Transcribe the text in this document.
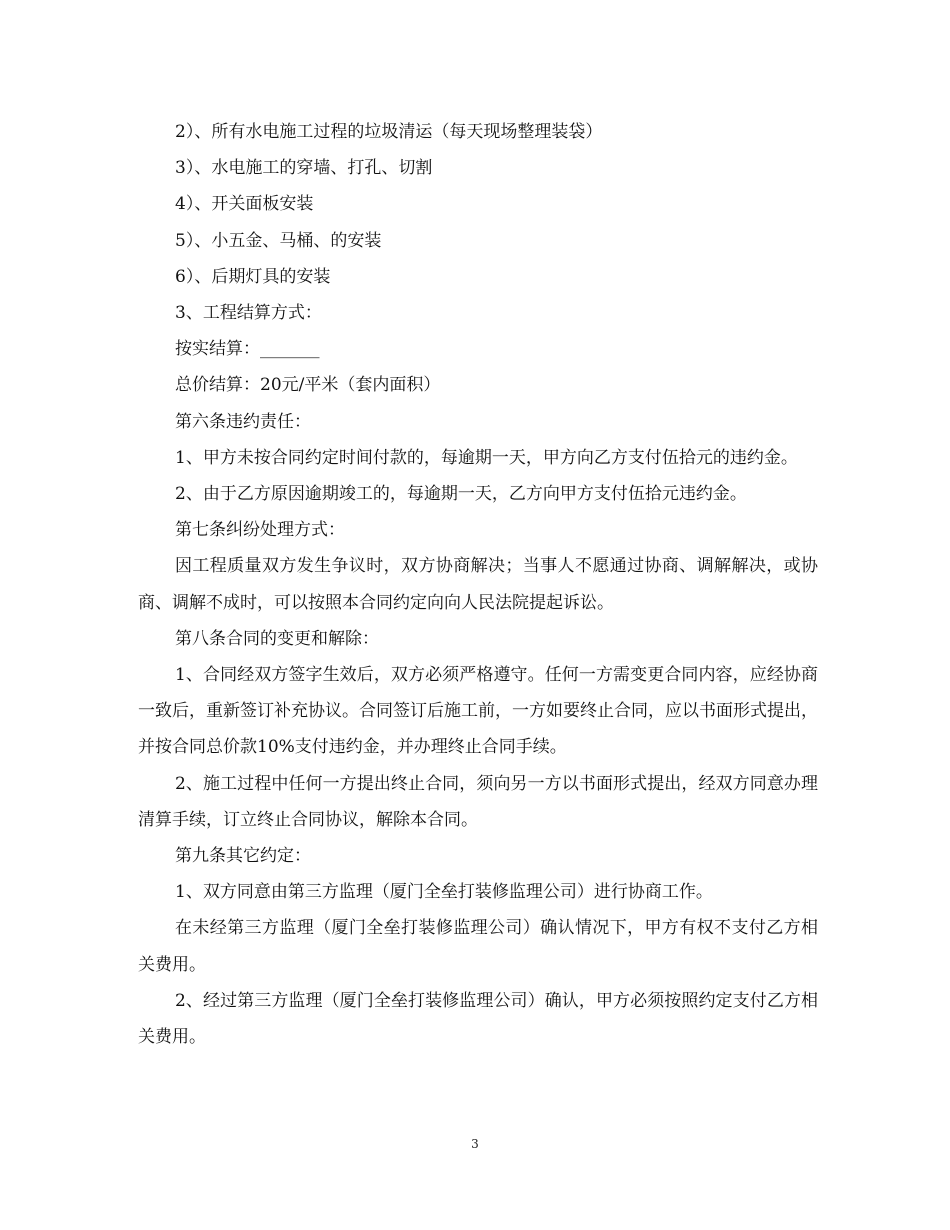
2）、所有水电施工过程的垃圾清运（每天现场整理装袋）

3）、水电施工的穿墙、打孔、切割

4）、开关面板安装

5）、小五金、马桶、的安装

6）、后期灯具的安装

3、工程结算方式：

按实结算：_______

总价结算：20元/平米（套内面积）

第六条违约责任：

1、甲方未按合同约定时间付款的，每逾期一天，甲方向乙方支付伍拾元的违约金。

2、由于乙方原因逾期竣工的，每逾期一天，乙方向甲方支付伍拾元违约金。

第七条纠纷处理方式：

因工程质量双方发生争议时，双方协商解决；当事人不愿通过协商、调解解决，或协商、调解不成时，可以按照本合同约定向向人民法院提起诉讼。

第八条合同的变更和解除：

1、合同经双方签字生效后，双方必须严格遵守。任何一方需变更合同内容，应经协商一致后，重新签订补充协议。合同签订后施工前，一方如要终止合同，应以书面形式提出，并按合同总价款10%支付违约金，并办理终止合同手续。

2、施工过程中任何一方提出终止合同，须向另一方以书面形式提出，经双方同意办理清算手续，订立终止合同协议，解除本合同。

第九条其它约定：

1、双方同意由第三方监理（厦门全垒打装修监理公司）进行协商工作。

在未经第三方监理（厦门全垒打装修监理公司）确认情况下，甲方有权不支付乙方相关费用。

2、经过第三方监理（厦门全垒打装修监理公司）确认，甲方必须按照约定支付乙方相关费用。

3
